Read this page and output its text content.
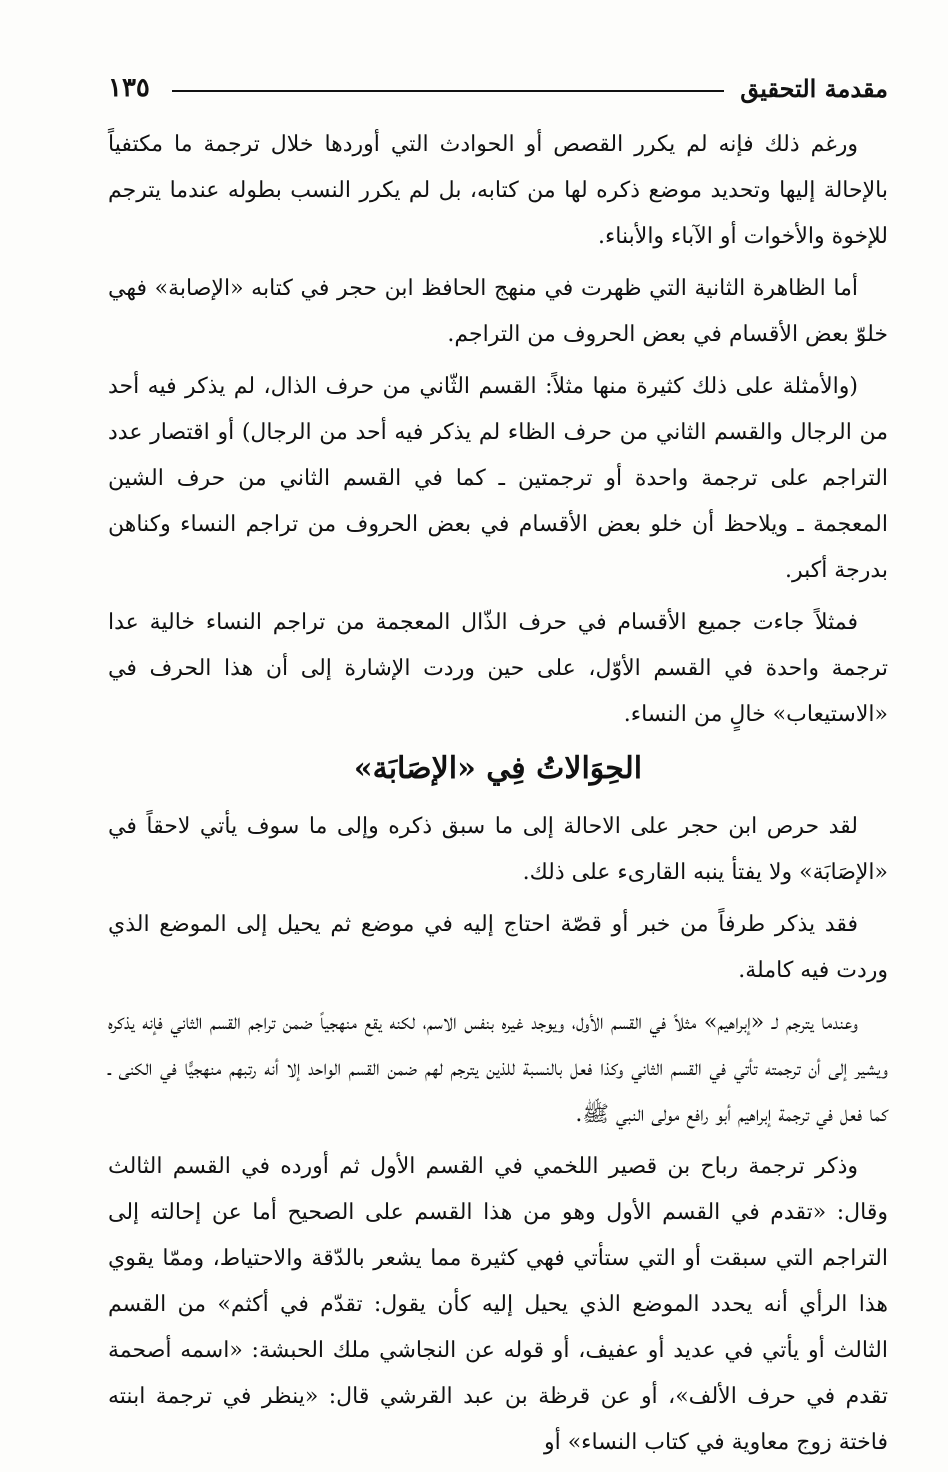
مقدمة التحقيق
١٣٥

ورغم ذلك فإنه لم يكرر القصص أو الحوادث التي أوردها خلال ترجمة ما مكتفياً بالإحالة إليها وتحديد موضع ذكره لها من كتابه، بل لم يكرر النسب بطوله عندما يترجم للإخوة والأخوات أو الآباء والأبناء.

أما الظاهرة الثانية التي ظهرت في منهج الحافظ ابن حجر في كتابه «الإصابة» فهي خلوّ بعض الأقسام في بعض الحروف من التراجم.

(والأمثلة على ذلك كثيرة منها مثلاً: القسم الثّاني من حرف الذال، لم يذكر فيه أحد من الرجال والقسم الثاني من حرف الظاء لم يذكر فيه أحد من الرجال) أو اقتصار عدد التراجم على ترجمة واحدة أو ترجمتين ـ كما في القسم الثاني من حرف الشين المعجمة ـ ويلاحظ أن خلو بعض الأقسام في بعض الحروف من تراجم النساء وكناهن بدرجة أكبر.

فمثلاً جاءت جميع الأقسام في حرف الذّال المعجمة من تراجم النساء خالية عدا ترجمة واحدة في القسم الأوّل، على حين وردت الإشارة إلى أن هذا الحرف في «الاستيعاب» خالٍ من النساء.

الحِوَالاتُ فِي «الإصَابَة»

لقد حرص ابن حجر على الاحالة إلى ما سبق ذكره وإلى ما سوف يأتي لاحقاً في «الإصَابَة» ولا يفتأ ينبه القارىء على ذلك.

فقد يذكر طرفاً من خبر أو قصّة احتاج إليه في موضع ثم يحيل إلى الموضع الذي وردت فيه كاملة.

وعندما يترجم لـ «إبراهيم» مثلاً في القسم الأول، ويوجد غيره بنفس الاسم، لكنه يقع منهجياً ضمن تراجم القسم الثاني فإنه يذكره ويشير إلى أن ترجمته تأتي في القسم الثاني وكذا فعل بالنسبة للذين يترجم لهم ضمن القسم الواحد إلا أنه رتبهم منهجيًّا في الكنى ـ كما فعل في ترجمة إبراهيم أبو رافع مولى النبي ﷺ.

وذكر ترجمة رباح بن قصير اللخمي في القسم الأول ثم أورده في القسم الثالث وقال: «تقدم في القسم الأول وهو من هذا القسم على الصحيح أما عن إحالته إلى التراجم التي سبقت أو التي ستأتي فهي كثيرة مما يشعر بالدّقة والاحتياط، وممّا يقوي هذا الرأي أنه يحدد الموضع الذي يحيل إليه كأن يقول: تقدّم في أكثم» من القسم الثالث أو يأتي في عديد أو عفيف، أو قوله عن النجاشي ملك الحبشة: «اسمه أصحمة تقدم في حرف الألف»، أو عن قرظة بن عبد القرشي قال: «ينظر في ترجمة ابنته فاختة زوج معاوية في كتاب النساء» أو
